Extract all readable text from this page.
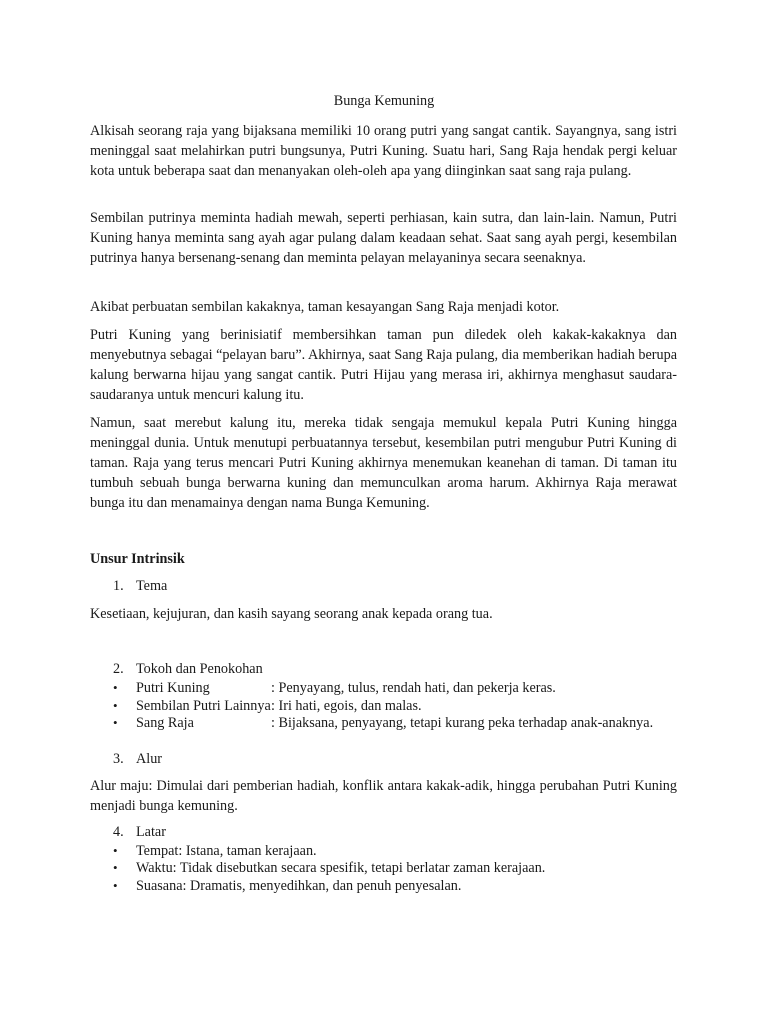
Bunga Kemuning

Alkisah seorang raja yang bijaksana memiliki 10 orang putri yang sangat cantik. Sayangnya, sang istri meninggal saat melahirkan putri bungsunya, Putri Kuning. Suatu hari, Sang Raja hendak pergi keluar kota untuk beberapa saat dan menanyakan oleh-oleh apa yang diinginkan saat sang raja pulang.

Sembilan putrinya meminta hadiah mewah, seperti perhiasan, kain sutra, dan lain-lain. Namun, Putri Kuning hanya meminta sang ayah agar pulang dalam keadaan sehat. Saat sang ayah pergi, kesembilan putrinya hanya bersenang-senang dan meminta pelayan melayaninya secara seenaknya.

Akibat perbuatan sembilan kakaknya, taman kesayangan Sang Raja menjadi kotor.

Putri Kuning yang berinisiatif membersihkan taman pun diledek oleh kakak-kakaknya dan menyebutnya sebagai “pelayan baru”. Akhirnya, saat Sang Raja pulang, dia memberikan hadiah berupa kalung berwarna hijau yang sangat cantik. Putri Hijau yang merasa iri, akhirnya menghasut saudara-saudaranya untuk mencuri kalung itu.

Namun, saat merebut kalung itu, mereka tidak sengaja memukul kepala Putri Kuning hingga meninggal dunia. Untuk menutupi perbuatannya tersebut, kesembilan putri mengubur Putri Kuning di taman. Raja yang terus mencari Putri Kuning akhirnya menemukan keanehan di taman. Di taman itu tumbuh sebuah bunga berwarna kuning dan memunculkan aroma harum. Akhirnya Raja merawat bunga itu dan menamainya dengan nama Bunga Kemuning.

Unsur Intrinsik
1. Tema

Kesetiaan, kejujuran, dan kasih sayang seorang anak kepada orang tua.

2. Tokoh dan Penokohan
• Putri Kuning	: Penyayang, tulus, rendah hati, dan pekerja keras.
• Sembilan Putri Lainnya: Iri hati, egois, dan malas.
• Sang Raja	: Bijaksana, penyayang, tetapi kurang peka terhadap anak-anaknya.
3. Alur

Alur maju: Dimulai dari pemberian hadiah, konflik antara kakak-adik, hingga perubahan Putri Kuning menjadi bunga kemuning.

4. Latar
• Tempat: Istana, taman kerajaan.
• Waktu: Tidak disebutkan secara spesifik, tetapi berlatar zaman kerajaan.
• Suasana: Dramatis, menyedihkan, dan penuh penyesalan.
